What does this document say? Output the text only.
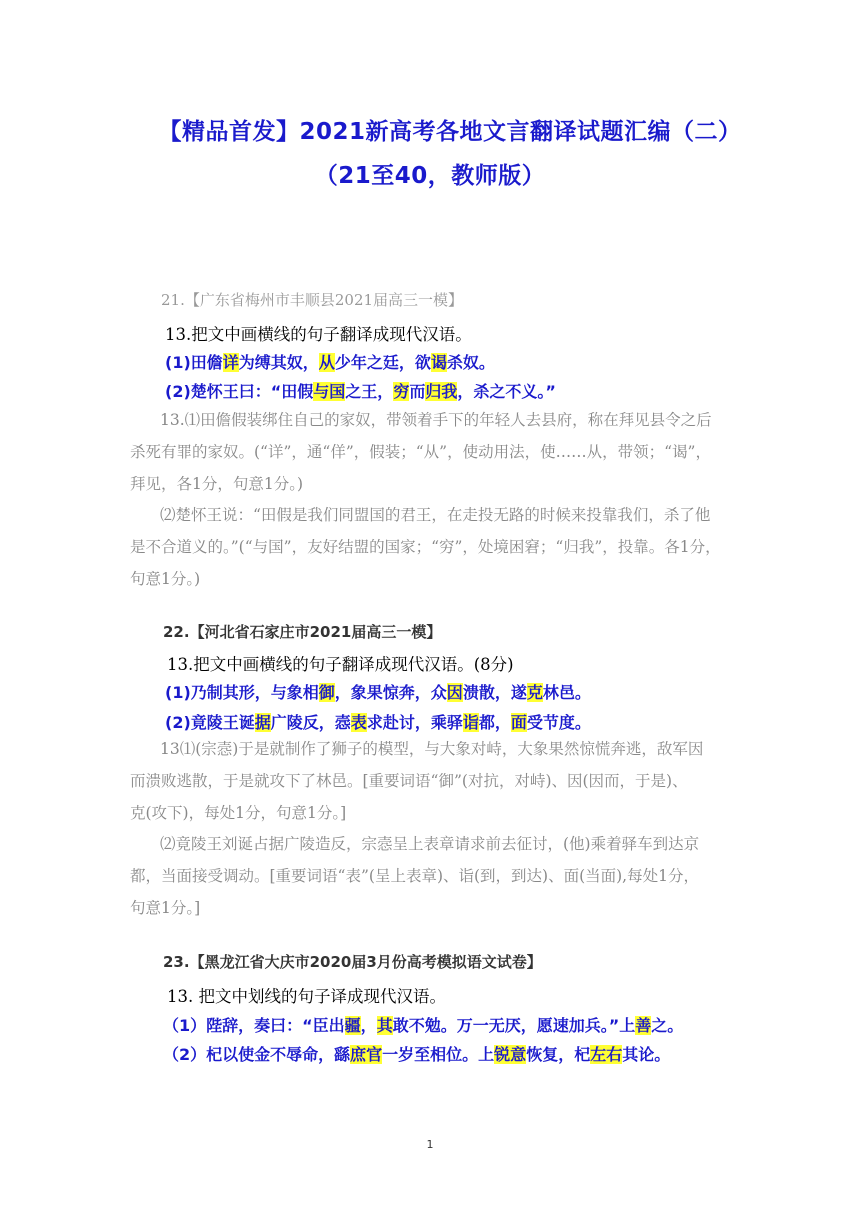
【精品首发】2021新高考各地文言翻译试题汇编（二）
（21至40，教师版）
21.【广东省梅州市丰顺县2021届高三一模】
13.把文中画横线的句子翻译成现代汉语。
(1)田儋详为缚其奴，从少年之廷，欲谒杀奴。
(2)楚怀王曰：“田假与国之王，穷而归我，杀之不义。”
13.⑴田儋假装绑住自己的家奴，带领着手下的年轻人去县府，称在拜见县令之后
杀死有罪的家奴。(“详”，通“佯”，假装；“从”，使动用法，使……从，带领；“谒”，
拜见，各1分，句意1分。)
⑵楚怀王说：“田假是我们同盟国的君王，在走投无路的时候来投靠我们，杀了他
是不合道义的。”(“与国”，友好结盟的国家；“穷”，处境困窘；“归我”，投靠。各1分，
句意1分。)
22.【河北省石家庄市2021届高三一模】
13.把文中画横线的句子翻译成现代汉语。(8分)
(1)乃制其形，与象相御，象果惊奔，众因溃散，遂克林邑。
(2)竟陵王诞据广陵反，悫表求赴讨，乘驿诣都，面受节度。
13⑴(宗悫)于是就制作了狮子的模型，与大象对峙，大象果然惊慌奔逃，敌军因
而溃败逃散，于是就攻下了林邑。[重要词语“御”(对抗，对峙)、因(因而，于是)、
克(攻下)，每处1分，句意1分。]
⑵竟陵王刘诞占据广陵造反，宗悫呈上表章请求前去征讨，(他)乘着驿车到达京
都，当面接受调动。[重要词语“表”(呈上表章)、诣(到，到达)、面(当面),每处1分，
句意1分。]
23.【黑龙江省大庆市2020届3月份高考模拟语文试卷】
13. 把文中划线的句子译成现代汉语。
（1）陛辞，奏曰：“臣出疆，其敢不勉。万一无厌，愿速加兵。”上善之。
（2）杞以使金不辱命，繇庶官一岁至相位。上锐意恢复，杞左右其论。
1
